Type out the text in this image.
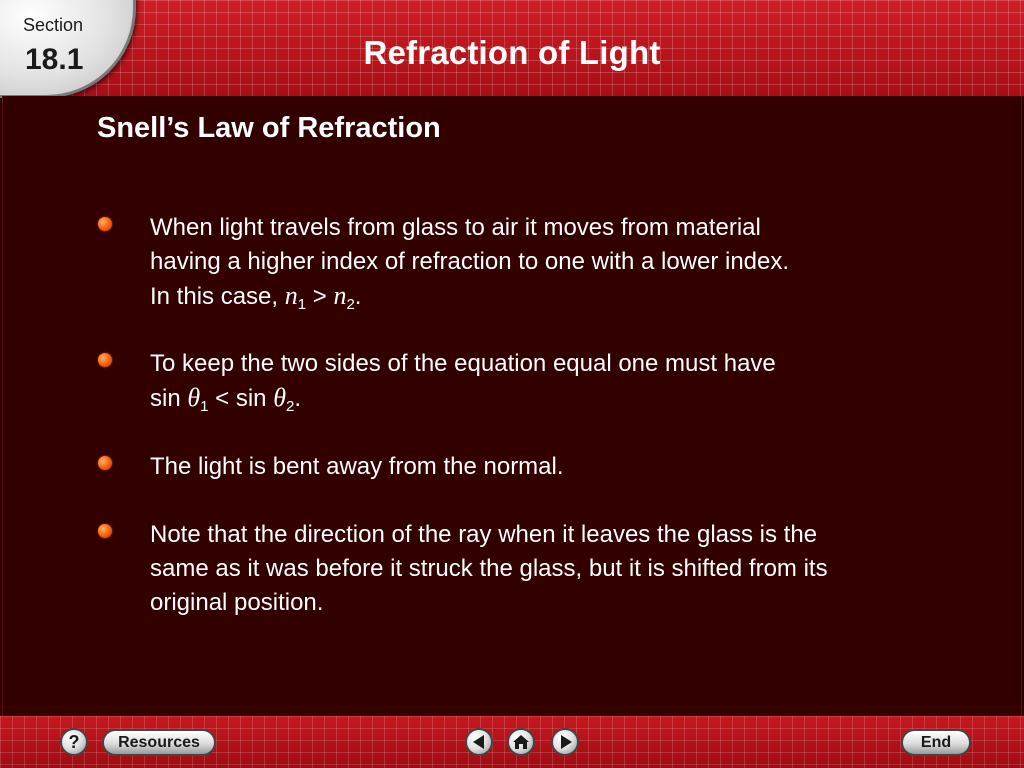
Refraction of Light
Section
18.1
Snell’s Law of Refraction
When light travels from glass to air it moves from material
having a higher index of refraction to one with a lower index.
In this case, $n_1 > n_2$.
To keep the two sides of the equation equal one must have
$\sin \theta_1 < \sin \theta_2$.
The light is bent away from the normal.
Note that the direction of the ray when it leaves the glass is the
same as it was before it struck the glass, but it is shifted from its
original position.
? Resources	End
